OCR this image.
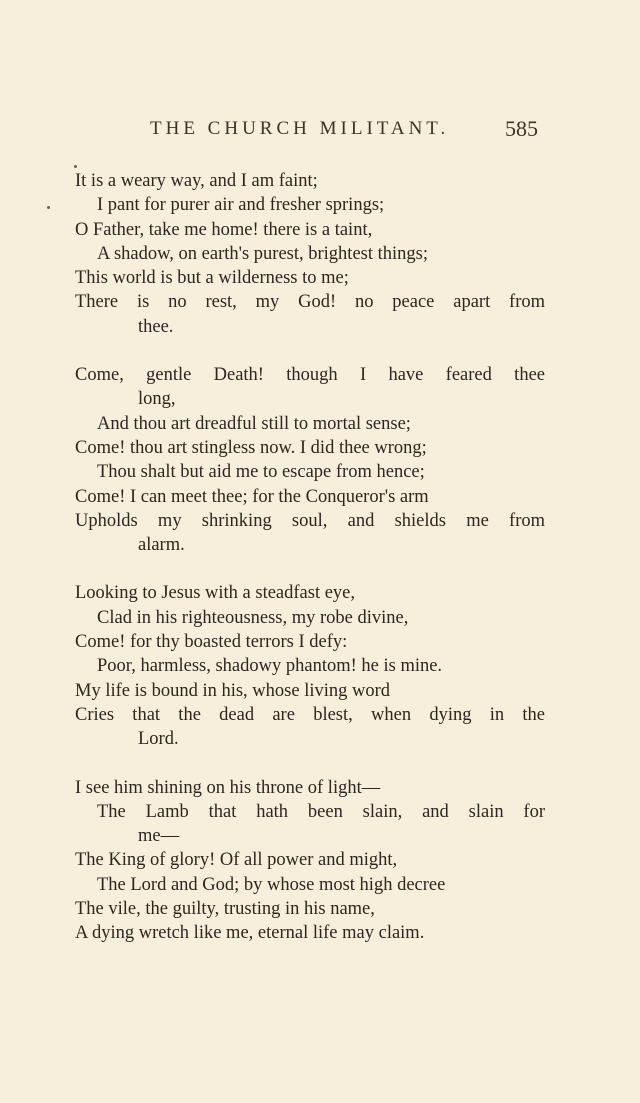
THE CHURCH MILITANT.	585
It is a weary way, and I am faint;
I pant for purer air and fresher springs;
O Father, take me home! there is a taint,
A shadow, on earth's purest, brightest things;
This world is but a wilderness to me;
There is no rest, my God! no peace apart from
thee.
Come, gentle Death! though I have feared thee
long,
And thou art dreadful still to mortal sense;
Come! thou art stingless now. I did thee wrong;
Thou shalt but aid me to escape from hence;
Come! I can meet thee; for the Conqueror's arm
Upholds my shrinking soul, and shields me from
alarm.
Looking to Jesus with a steadfast eye,
Clad in his righteousness, my robe divine,
Come! for thy boasted terrors I defy:
Poor, harmless, shadowy phantom! he is mine.
My life is bound in his, whose living word
Cries that the dead are blest, when dying in the
Lord.
I see him shining on his throne of light—
The Lamb that hath been slain, and slain for
me—
The King of glory! Of all power and might,
The Lord and God; by whose most high decree
The vile, the guilty, trusting in his name,
A dying wretch like me, eternal life may claim.
